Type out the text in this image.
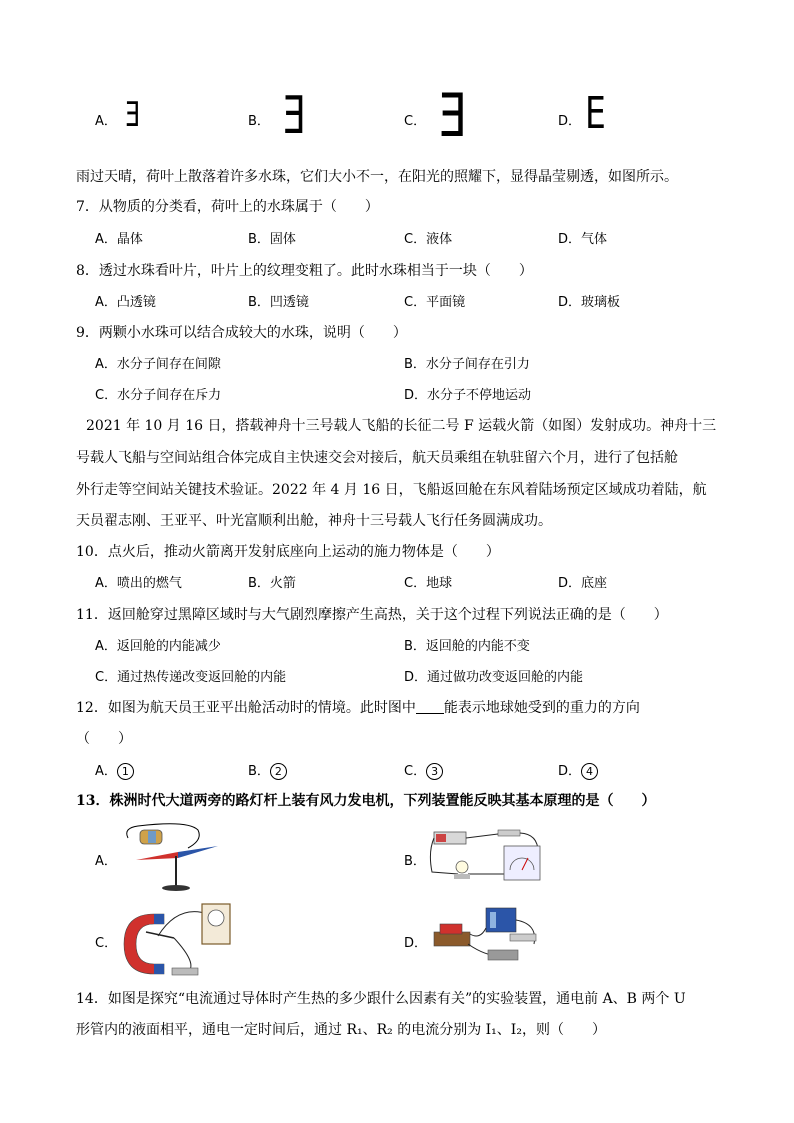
A． E	B． E	C． E	D． E
雨过天晴，荷叶上散落着许多水珠，它们大小不一，在阳光的照耀下，显得晶莹剔透，如图所示。
7．从物质的分类看，荷叶上的水珠属于（　　）
A．晶体	B．固体	C．液体	D．气体
8．透过水珠看叶片，叶片上的纹理变粗了。此时水珠相当于一块（　　）
A．凸透镜	B．凹透镜	C．平面镜	D．玻璃板
9．两颗小水珠可以结合成较大的水珠，说明（　　）
A．水分子间存在间隙	B．水分子间存在引力
C．水分子间存在斥力	D．水分子不停地运动
2021 年 10 月 16 日，搭载神舟十三号载人飞船的长征二号 F 运载火箭（如图）发射成功。神舟十三
号载人飞船与空间站组合体完成自主快速交会对接后，航天员乘组在轨驻留六个月，进行了包括舱
外行走等空间站关键技术验证。2022 年 4 月 16 日，飞船返回舱在东风着陆场预定区域成功着陆，航
天员翟志刚、王亚平、叶光富顺利出舱，神舟十三号载人飞行任务圆满成功。
10．点火后，推动火箭离开发射底座向上运动的施力物体是（　　）
A．喷出的燃气	B．火箭	C．地球	D．底座
11．返回舱穿过黑障区域时与大气剧烈摩擦产生高热，关于这个过程下列说法正确的是（　　）
A．返回舱的内能减少	B．返回舱的内能不变
C．通过热传递改变返回舱的内能	D．通过做功改变返回舱的内能
12．如图为航天员王亚平出舱活动时的情境。此时图中 能表示地球她受到的重力的方向
（　　）
A． 1	B． 2	C． 3	D． 4
13．株洲时代大道两旁的路灯杆上装有风力发电机，下列装置能反映其基本原理的是（　　）
A．	B．
C．	D．
14．如图是探究“电流通过导体时产生热的多少跟什么因素有关”的实验装置，通电前 A、B 两个 U
形管内的液面相平，通电一定时间后，通过 R₁、R₂ 的电流分别为 I₁、I₂，则（　　）
